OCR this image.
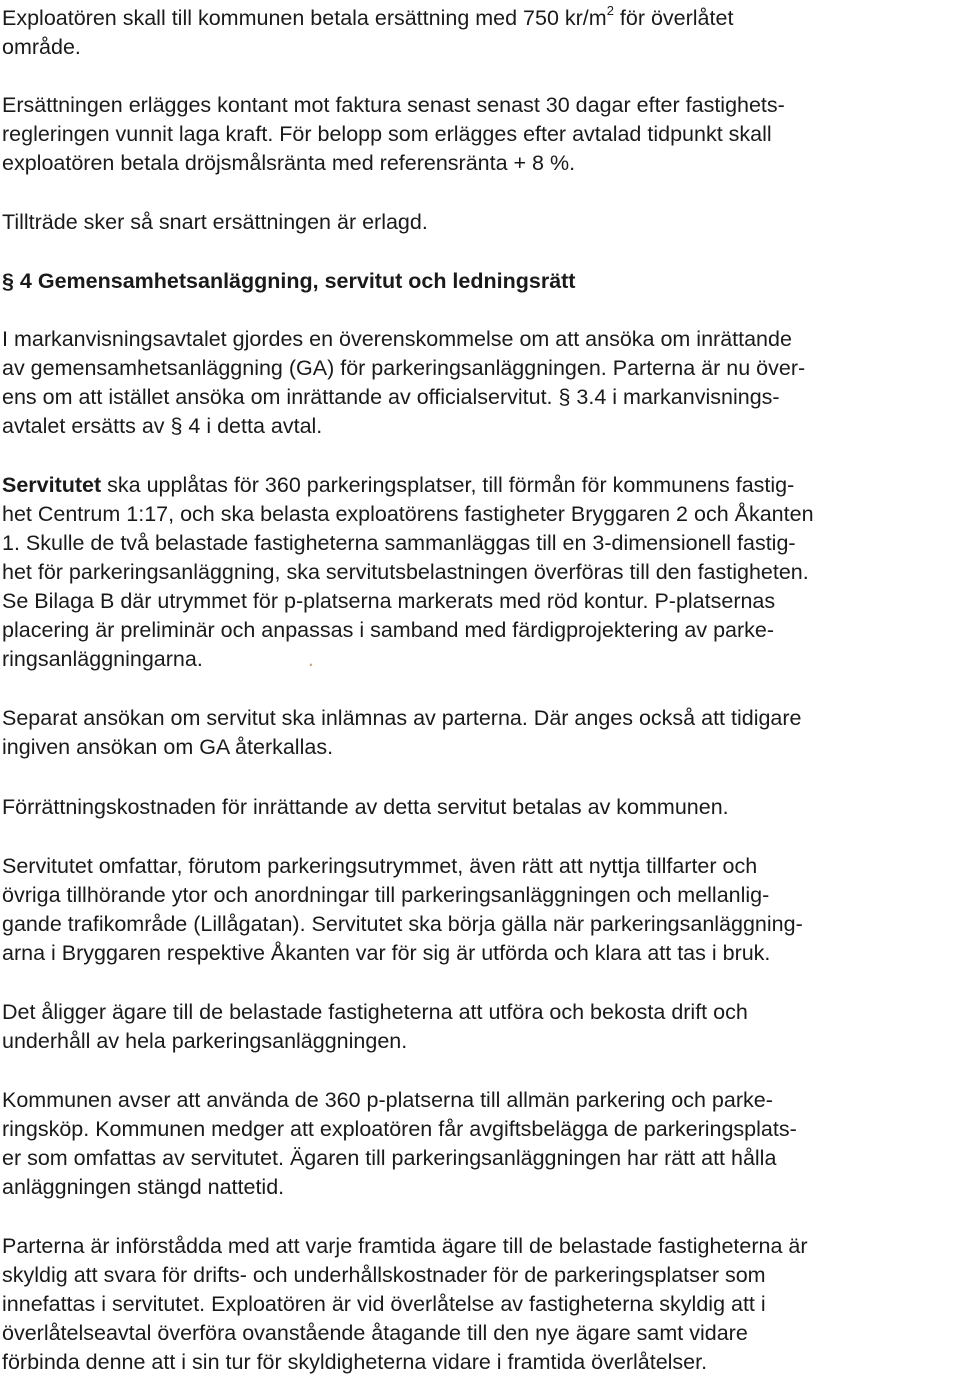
Exploatören skall till kommunen betala ersättning med 750 $kr/m^2$ för överlåtet
område.
Ersättningen erlägges kontant mot faktura senast senast 30 dagar efter fastighets-
regleringen vunnit laga kraft. För belopp som erlägges efter avtalad tidpunkt skall
exploatören betala dröjsmålsränta med referensränta + 8 %.
Tillträde sker så snart ersättningen är erlagd.
§ 4 Gemensamhetsanläggning, servitut och ledningsrätt
I markanvisningsavtalet gjordes en överenskommelse om att ansöka om inrättande
av gemensamhetsanläggning (GA) för parkeringsanläggningen. Parterna är nu över-
ens om att istället ansöka om inrättande av officialservitut. § 3.4 i markanvisnings-
avtalet ersätts av § 4 i detta avtal.
Servitutet ska upplåtas för 360 parkeringsplatser, till förmån för kommunens fastig-
het Centrum 1:17, och ska belasta exploatörens fastigheter Bryggaren 2 och Åkanten
1. Skulle de två belastade fastigheterna sammanläggas till en 3-dimensionell fastig-
het för parkeringsanläggning, ska servitutsbelastningen överföras till den fastigheten.
Se Bilaga B där utrymmet för p-platserna markerats med röd kontur. P-platsernas
placering är preliminär och anpassas i samband med färdigprojektering av parke-
ringsanläggningarna.	.
Separat ansökan om servitut ska inlämnas av parterna. Där anges också att tidigare
ingiven ansökan om GA återkallas.
Förrättningskostnaden för inrättande av detta servitut betalas av kommunen.
Servitutet omfattar, förutom parkeringsutrymmet, även rätt att nyttja tillfarter och
övriga tillhörande ytor och anordningar till parkeringsanläggningen och mellanlig-
gande trafikområde (Lillågatan). Servitutet ska börja gälla när parkeringsanläggning-
arna i Bryggaren respektive Åkanten var för sig är utförda och klara att tas i bruk.
Det åligger ägare till de belastade fastigheterna att utföra och bekosta drift och
underhåll av hela parkeringsanläggningen.
Kommunen avser att använda de 360 p-platserna till allmän parkering och parke-
ringsköp. Kommunen medger att exploatören får avgiftsbelägga de parkeringsplats-
er som omfattas av servitutet. Ägaren till parkeringsanläggningen har rätt att hålla
anläggningen stängd nattetid.
Parterna är införstådda med att varje framtida ägare till de belastade fastigheterna är
skyldig att svara för drifts- och underhållskostnader för de parkeringsplatser som
innefattas i servitutet. Exploatören är vid överlåtelse av fastigheterna skyldig att i
överlåtelseavtal överföra ovanstående åtagande till den nye ägare samt vidare
förbinda denne att i sin tur för skyldigheterna vidare i framtida överlåtelser.
